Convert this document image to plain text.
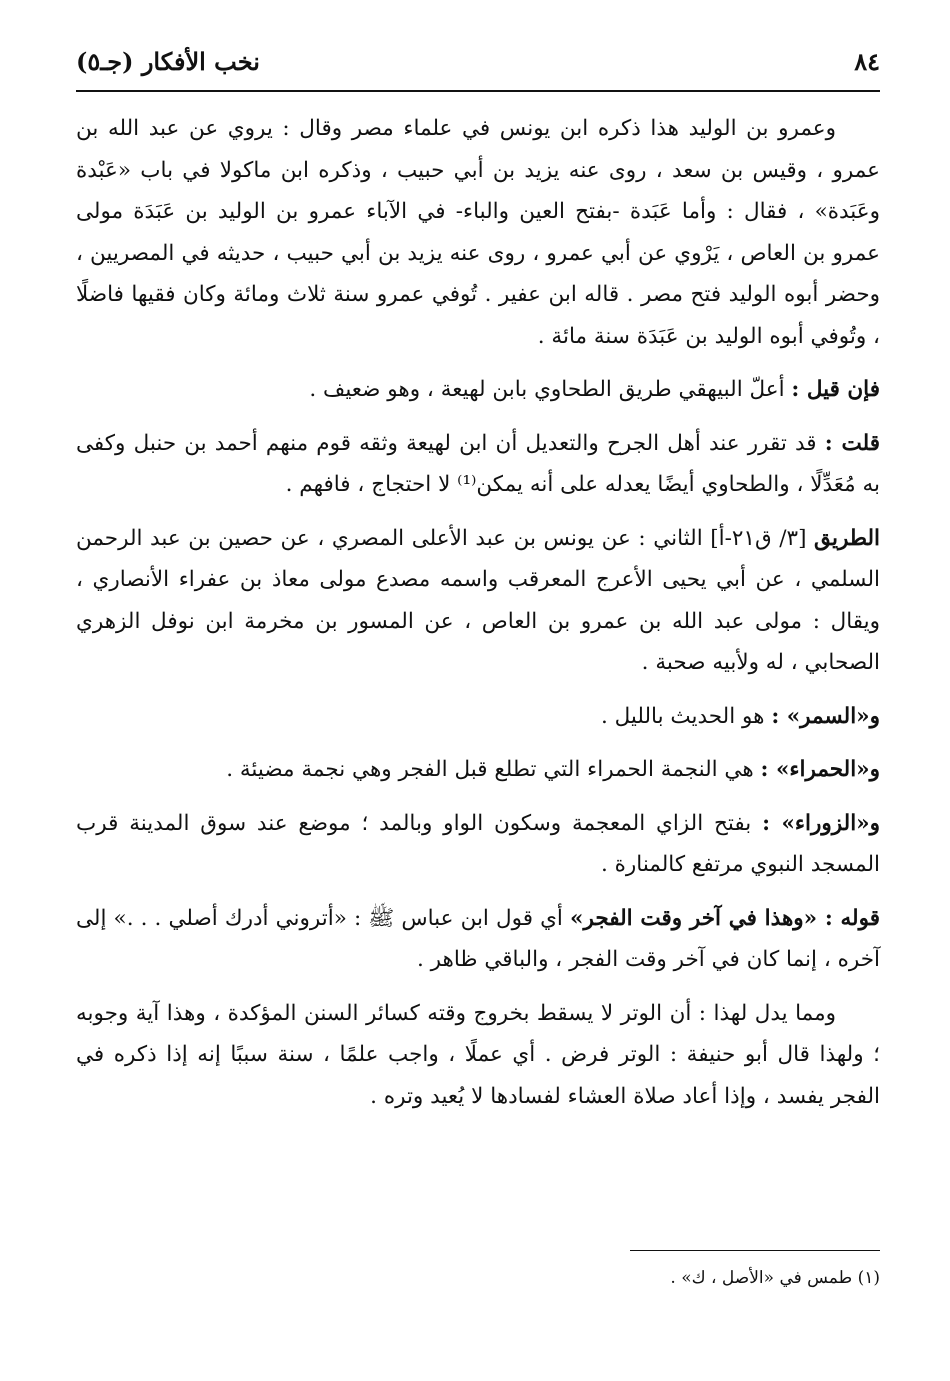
٨٤
نخب الأفكار (جـ٥)

وعمرو بن الوليد هذا ذكره ابن يونس في علماء مصر وقال : يروي عن عبد الله بن عمرو ، وقيس بن سعد ، روى عنه يزيد بن أبي حبيب ، وذكره ابن ماكولا في باب «عَبْدة وعَبَدة» ، فقال : وأما عَبَدة -بفتح العين والباء- في الآباء عمرو بن الوليد بن عَبَدَة مولى عمرو بن العاص ، يَرْوي عن أبي عمرو ، روى عنه يزيد بن أبي حبيب ، حديثه في المصريين ، وحضر أبوه الوليد فتح مصر . قاله ابن عفير . تُوفي عمرو سنة ثلاث ومائة وكان فقيها فاضلًا ، وتُوفي أبوه الوليد بن عَبَدَة سنة مائة .

فإن قيل : أعلّ البيهقي طريق الطحاوي بابن لهيعة ، وهو ضعيف .

قلت : قد تقرر عند أهل الجرح والتعديل أن ابن لهيعة وثقه قوم منهم أحمد بن حنبل وكفى به مُعَدِّلًا ، والطحاوي أيضًا يعدله على أنه يمكن⁽¹⁾ لا احتجاج ، فافهم .

الطريق [٣/ ق٢١-أ] الثاني : عن يونس بن عبد الأعلى المصري ، عن حصين بن عبد الرحمن السلمي ، عن أبي يحيى الأعرج المعرقب واسمه مصدع مولى معاذ بن عفراء الأنصاري ، ويقال : مولى عبد الله بن عمرو بن العاص ، عن المسور بن مخرمة ابن نوفل الزهري الصحابي ، له ولأبيه صحبة .

و«السمر» : هو الحديث بالليل .

و«الحمراء» : هي النجمة الحمراء التي تطلع قبل الفجر وهي نجمة مضيئة .

و«الزوراء» : بفتح الزاي المعجمة وسكون الواو وبالمد ؛ موضع عند سوق المدينة قرب المسجد النبوي مرتفع كالمنارة .

قوله : «وهذا في آخر وقت الفجر» أي قول ابن عباس ﷺ : «أتروني أدرك أصلي . . .» إلى آخره ، إنما كان في آخر وقت الفجر ، والباقي ظاهر .

ومما يدل لهذا : أن الوتر لا يسقط بخروج وقته كسائر السنن المؤكدة ، وهذا آية وجوبه ؛ ولهذا قال أبو حنيفة : الوتر فرض . أي عملًا ، واجب علمًا ، سنة سببًا إنه إذا ذكره في الفجر يفسد ، وإذا أعاد صلاة العشاء لفسادها لا يُعيد وتره .

(١) طمس في «الأصل ، ك» .
